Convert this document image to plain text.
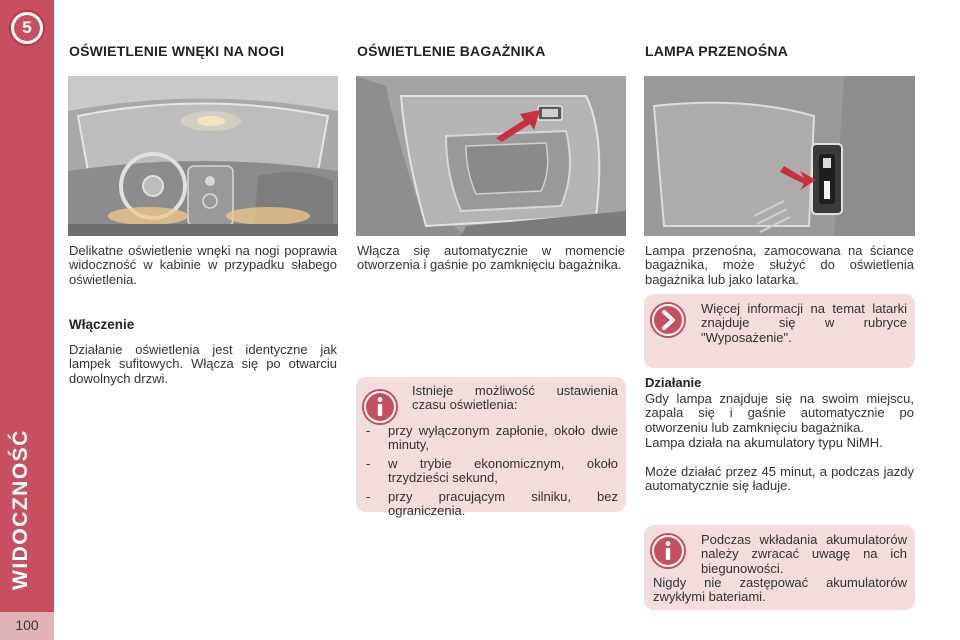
5
WIDOCZNOŚĆ
100
OŚWIETLENIE WNĘKI NA NOGI
Delikatne oświetlenie wnęki na nogi poprawia widoczność w kabinie w przypadku słabego oświetlenia.
Włączenie
Działanie oświetlenia jest identyczne jak lampek sufitowych. Włącza się po otwarciu dowolnych drzwi.
OŚWIETLENIE BAGAŻNIKA
Włącza się automatycznie w momencie otworzenia i gaśnie po zamknięciu bagażnika.
Istnieje możliwość ustawienia czasu oświetlenia:
- przy wyłączonym zapłonie, około dwie minuty,
- w trybie ekonomicznym, około trzydzieści sekund,
- przy pracującym silniku, bez ograniczenia.
LAMPA PRZENOŚNA
Lampa przenośna, zamocowana na ściance bagażnika, może służyć do oświetlenia bagażnika lub jako latarka.
Więcej informacji na temat latarki znajduje się w rubryce "Wyposażenie".
Działanie
Gdy lampa znajduje się na swoim miejscu, zapala się i gaśnie automatycznie po otworzeniu lub zamknięciu bagażnika.
Lampa działa na akumulatory typu NiMH.
Może działać przez 45 minut, a podczas jazdy automatycznie się ładuje.
Podczas wkładania akumulatorów należy zwracać uwagę na ich biegunowości.
Nigdy nie zastępować akumulatorów zwykłymi bateriami.
